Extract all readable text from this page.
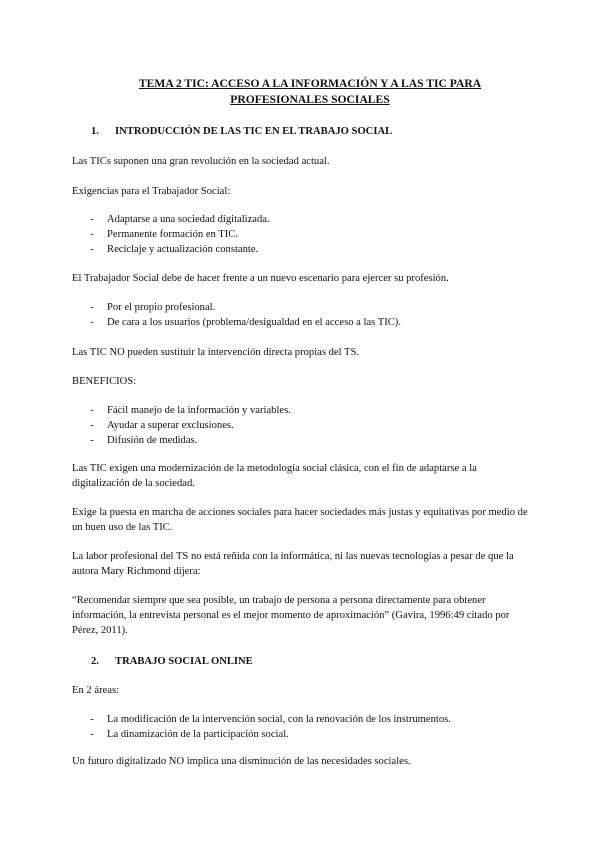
TEMA 2 TIC: ACCESO A LA INFORMACIÓN Y A LAS TIC PARA
PROFESIONALES SOCIALES
1. INTRODUCCIÓN DE LAS TIC EN EL TRABAJO SOCIAL
Las TICs suponen una gran revolución en la sociedad actual.
Exigencias para el Trabajador Social:
- Adaptarse a una sociedad digitalizada.
- Permanente formación en TIC.
- Reciclaje y actualización constante.
El Trabajador Social debe de hacer frente a un nuevo escenario para ejercer su profesión.
- Por el propio profesional.
- De cara a los usuarios (problema/desigualdad en el acceso a las TIC).
Las TIC NO pueden sustituir la intervención directa propias del TS.
BENEFICIOS:
- Fácil manejo de la información y variables.
- Ayudar a superar exclusiones.
- Difusión de medidas.
Las TIC exigen una modernización de la metodología social clásica, con el fin de adaptarse a la digitalización de la sociedad.
Exige la puesta en marcha de acciones sociales para hacer sociedades más justas y equitativas por medio de un buen uso de las TIC.
La labor profesional del TS no está reñida con la informática, ni las nuevas tecnologías a pesar de que la autora Mary Richmond dijera:
“Recomendar siempre que sea posible, un trabajo de persona a persona directamente para obtener información, la entrevista personal es el mejor momento de aproximación” (Gavira, 1996:49 citado por Pérez, 2011).
2. TRABAJO SOCIAL ONLINE
En 2 áreas:
- La modificación de la intervención social, con la renovación de los instrumentos.
- La dinamización de la participación social.
Un futuro digitalizado NO implica una disminución de las necesidades sociales.
